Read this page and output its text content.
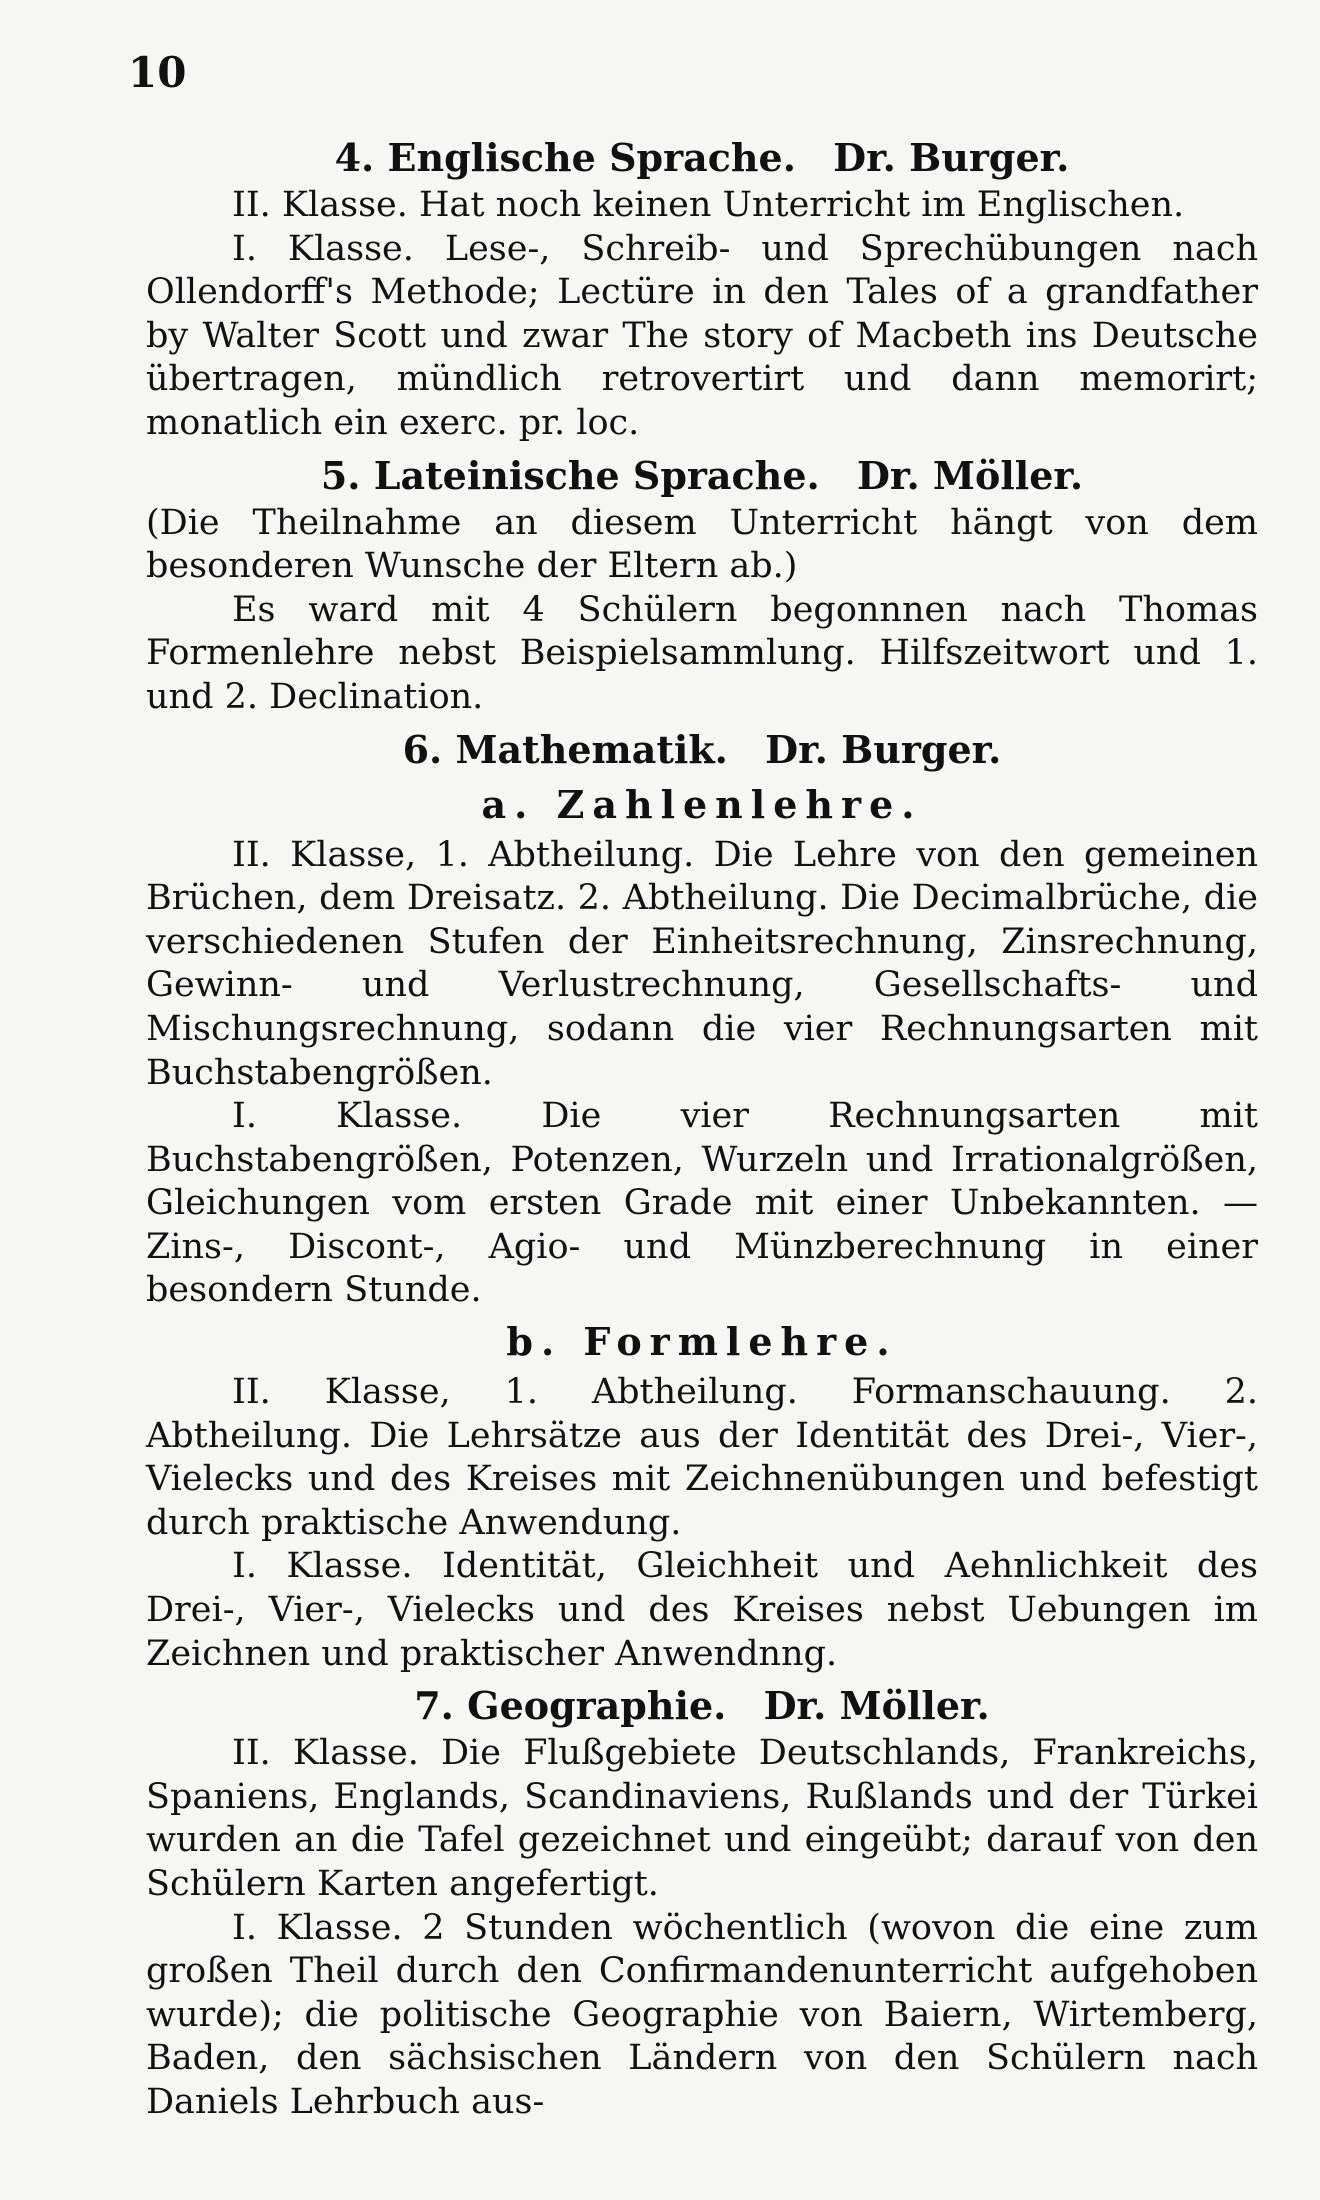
10
4. Englische Sprache. Dr. Burger.

II. Klasse. Hat noch keinen Unterricht im Englischen.

I. Klasse. Lese-, Schreib- und Sprechübungen nach Ollendorff's Methode; Lectüre in den Tales of a grandfather by Walter Scott und zwar The story of Macbeth ins Deutsche übertragen, mündlich retrovertirt und dann memorirt; monatlich ein exerc. pr. loc.

5. Lateinische Sprache. Dr. Möller.

(Die Theilnahme an diesem Unterricht hängt von dem besonderen Wunsche der Eltern ab.)

Es ward mit 4 Schülern begonnnen nach Thomas Formenlehre nebst Beispielsammlung. Hilfszeitwort und 1. und 2. Declination.

6. Mathematik. Dr. Burger.
a. Zahlenlehre.

II. Klasse, 1. Abtheilung. Die Lehre von den gemeinen Brüchen, dem Dreisatz. 2. Abtheilung. Die Decimalbrüche, die verschiedenen Stufen der Einheitsrechnung, Zinsrechnung, Gewinn- und Verlustrechnung, Gesellschafts- und Mischungsrechnung, sodann die vier Rechnungsarten mit Buchstabengrößen.

I. Klasse. Die vier Rechnungsarten mit Buchstabengrößen, Potenzen, Wurzeln und Irrationalgrößen, Gleichungen vom ersten Grade mit einer Unbekannten. — Zins-, Discont-, Agio- und Münzberechnung in einer besondern Stunde.

b. Formlehre.

II. Klasse, 1. Abtheilung. Formanschauung. 2. Abtheilung. Die Lehrsätze aus der Identität des Drei-, Vier-, Vielecks und des Kreises mit Zeichnenübungen und befestigt durch praktische Anwendung.

I. Klasse. Identität, Gleichheit und Aehnlichkeit des Drei-, Vier-, Vielecks und des Kreises nebst Uebungen im Zeichnen und praktischer Anwendnng.

7. Geographie. Dr. Möller.

II. Klasse. Die Flußgebiete Deutschlands, Frankreichs, Spaniens, Englands, Scandinaviens, Rußlands und der Türkei wurden an die Tafel gezeichnet und eingeübt; darauf von den Schülern Karten angefertigt.

I. Klasse. 2 Stunden wöchentlich (wovon die eine zum großen Theil durch den Confirmandenunterricht aufgehoben wurde); die politische Geographie von Baiern, Wirtemberg, Baden, den sächsischen Ländern von den Schülern nach Daniels Lehrbuch aus-
